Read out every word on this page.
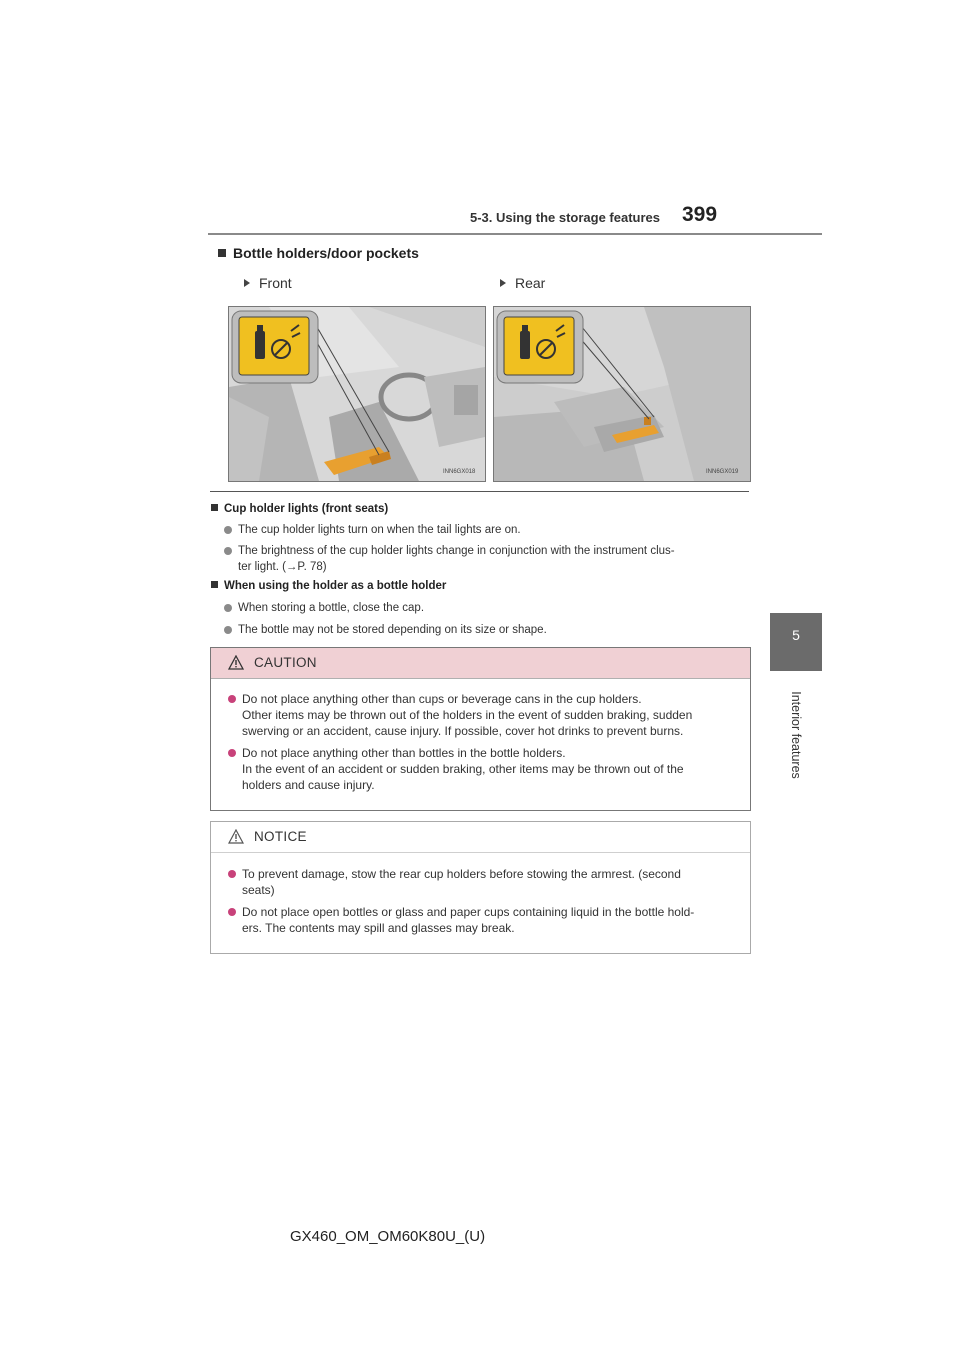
5-3. Using the storage features	399
5
Interior features
Bottle holders/door pockets
Front	Rear
INN6GX018	INN6GX019
Cup holder lights (front seats)
The cup holder lights turn on when the tail lights are on.
The brightness of the cup holder lights change in conjunction with the instrument clus-
ter light. (→P. 78)
When using the holder as a bottle holder
When storing a bottle, close the cap.
The bottle may not be stored depending on its size or shape.
CAUTION
Do not place anything other than cups or beverage cans in the cup holders.
Other items may be thrown out of the holders in the event of sudden braking, sudden
swerving or an accident, cause injury. If possible, cover hot drinks to prevent burns.
Do not place anything other than bottles in the bottle holders.
In the event of an accident or sudden braking, other items may be thrown out of the
holders and cause injury.
NOTICE
To prevent damage, stow the rear cup holders before stowing the armrest. (second
seats)
Do not place open bottles or glass and paper cups containing liquid in the bottle hold-
ers. The contents may spill and glasses may break.
GX460_OM_OM60K80U_(U)
